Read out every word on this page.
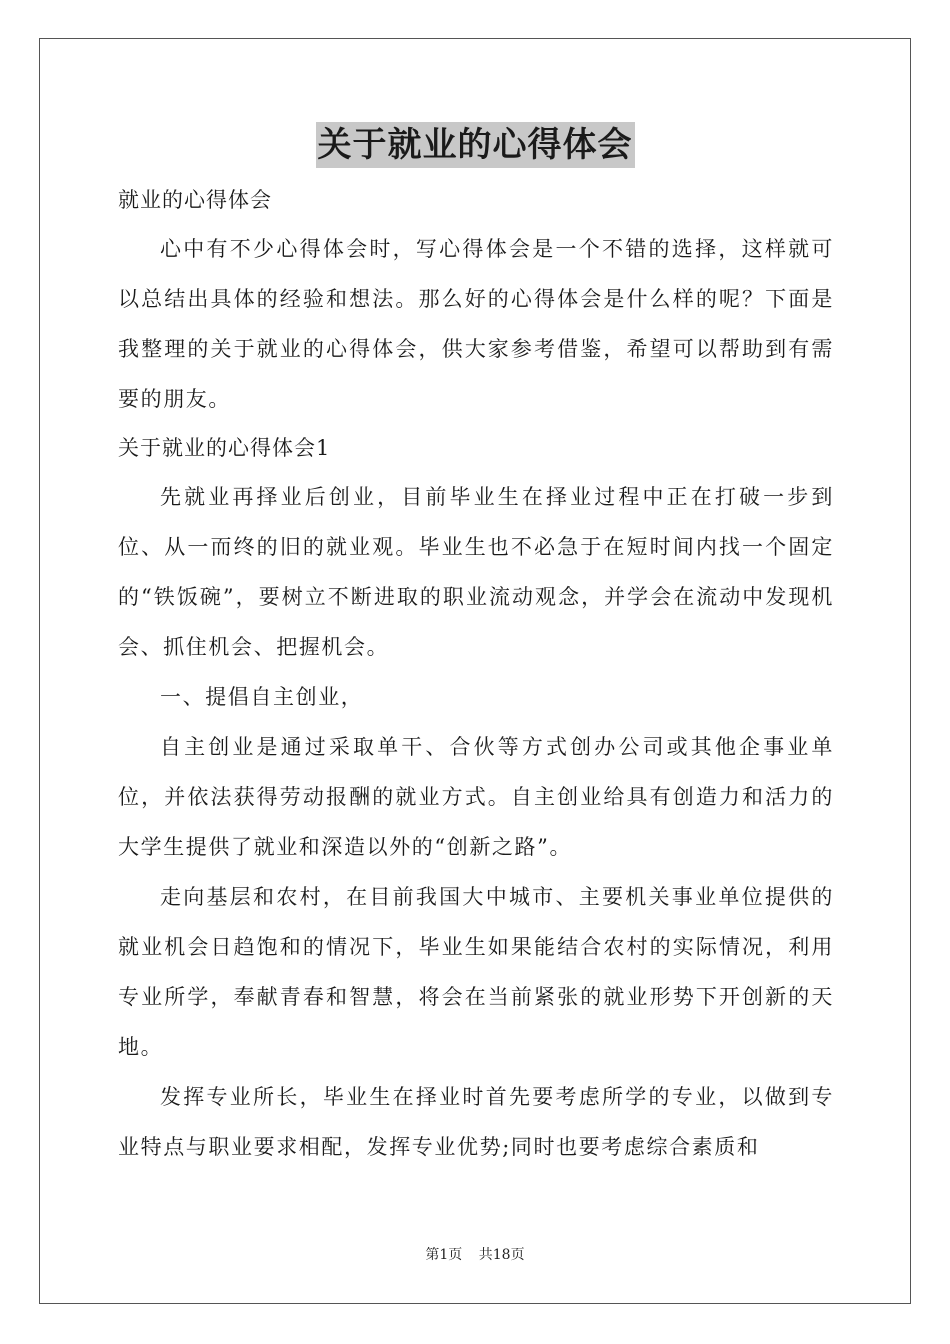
关于就业的心得体会

就业的心得体会

心中有不少心得体会时，写心得体会是一个不错的选择，这样就可以总结出具体的经验和想法。那么好的心得体会是什么样的呢？下面是我整理的关于就业的心得体会，供大家参考借鉴，希望可以帮助到有需要的朋友。

关于就业的心得体会1

先就业再择业后创业，目前毕业生在择业过程中正在打破一步到位、从一而终的旧的就业观。毕业生也不必急于在短时间内找一个固定的“铁饭碗”，要树立不断进取的职业流动观念，并学会在流动中发现机会、抓住机会、把握机会。

一、提倡自主创业，

自主创业是通过采取单干、合伙等方式创办公司或其他企事业单位，并依法获得劳动报酬的就业方式。自主创业给具有创造力和活力的大学生提供了就业和深造以外的“创新之路”。

走向基层和农村，在目前我国大中城市、主要机关事业单位提供的就业机会日趋饱和的情况下，毕业生如果能结合农村的实际情况，利用专业所学，奉献青春和智慧，将会在当前紧张的就业形势下开创新的天地。

发挥专业所长，毕业生在择业时首先要考虑所学的专业，以做到专业特点与职业要求相配，发挥专业优势;同时也要考虑综合素质和

第1页 共18页
